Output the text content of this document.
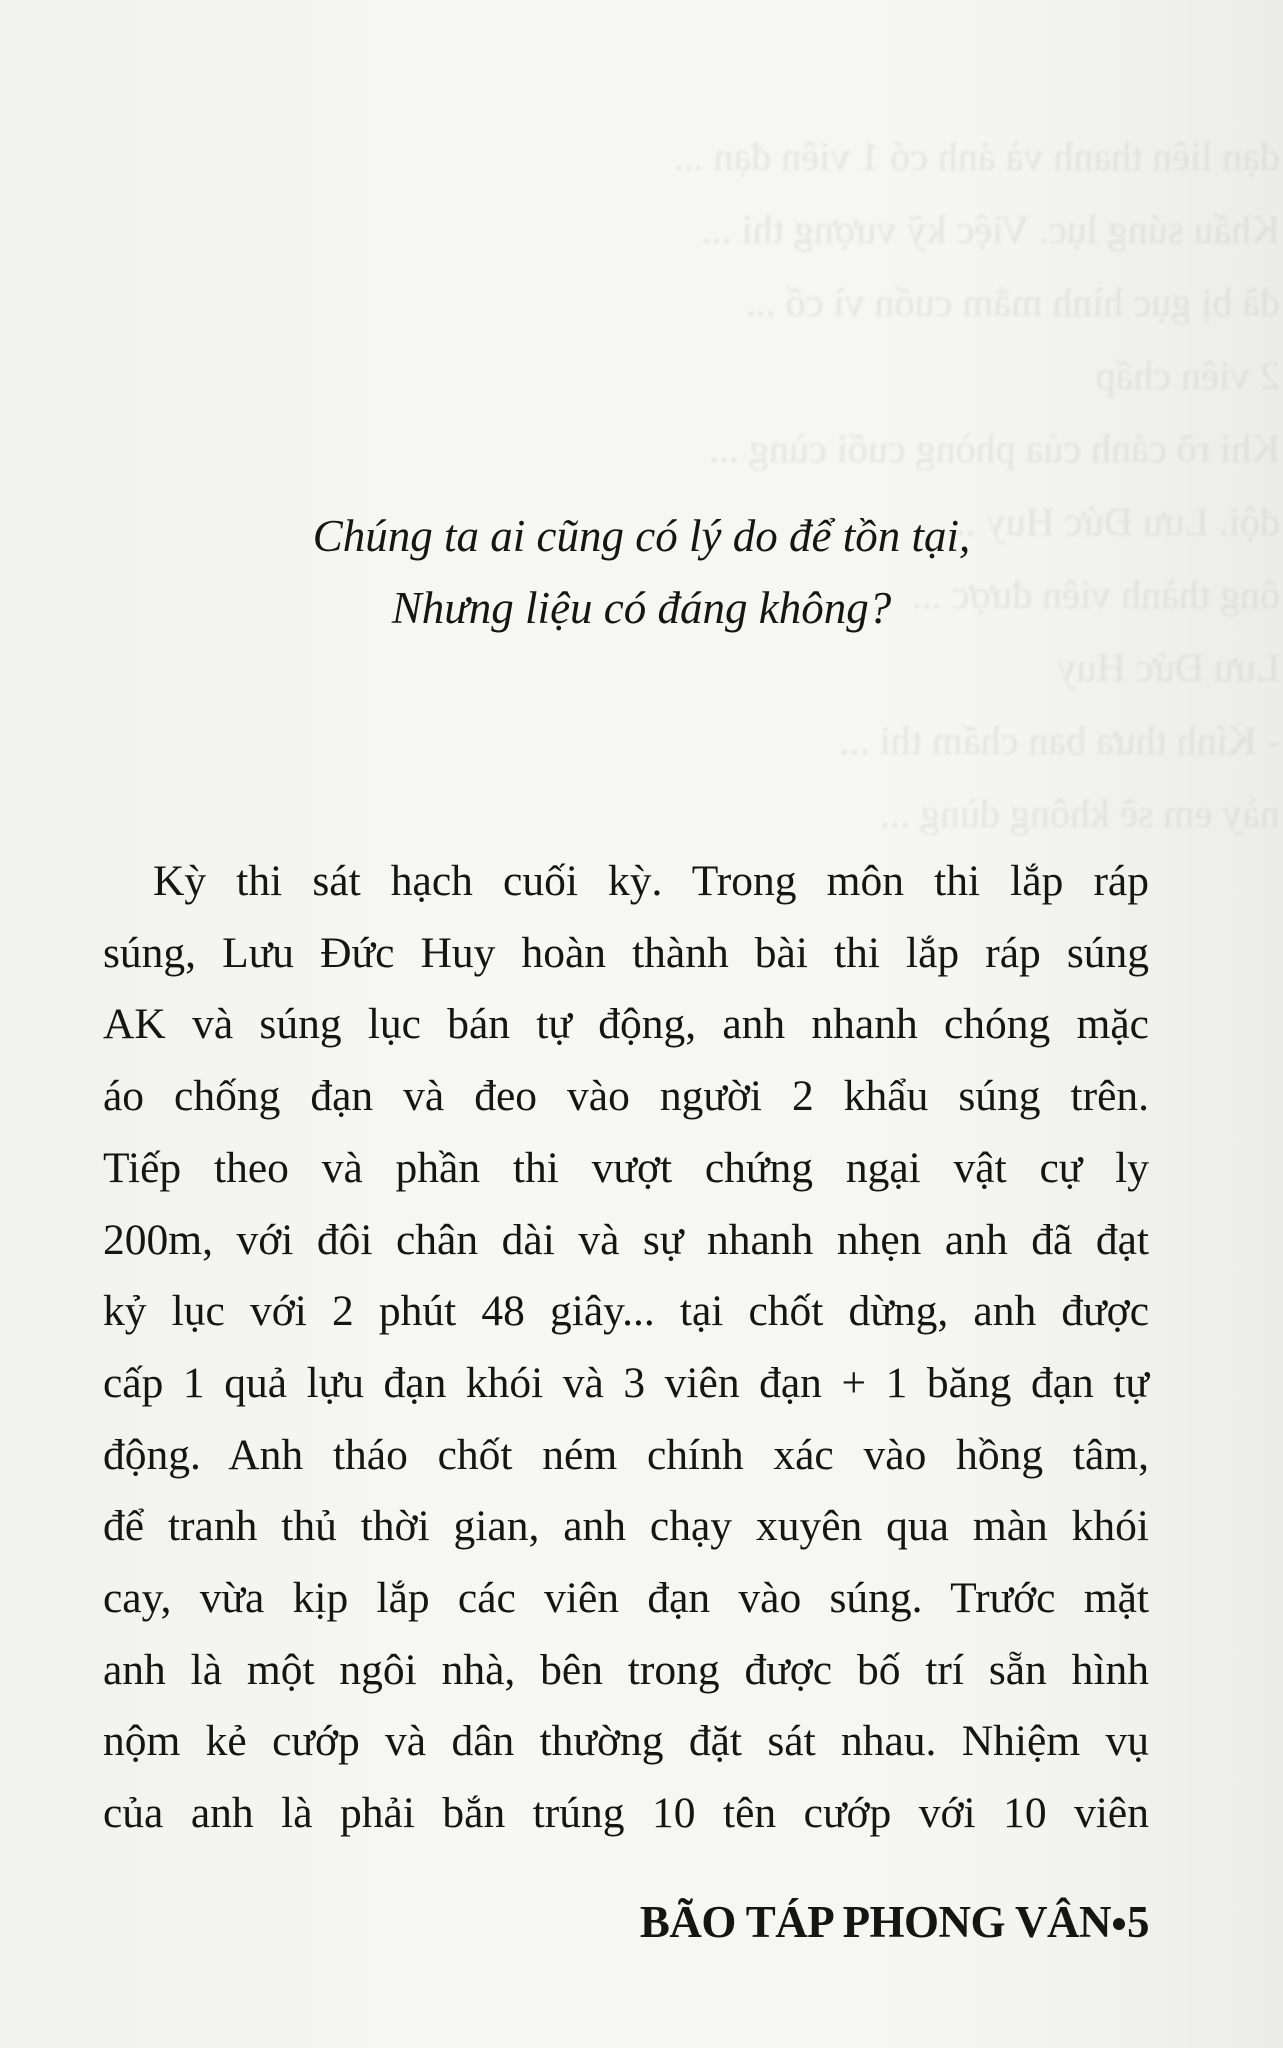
đạn liên thanh và ảnh có 1 viên đạn ...
Khẩu súng lục. Việc kỹ vượng thi ...
đã bị gục hình mắm cuốn vì cố ...
2 viên chấp
Khi rõ cảnh của phòng cuối cùng ...
đội. Lưu Đức Huy ...
ông thành viên được ...
Lưu Đức Huy
- Kính thưa ban chấm thi ...
này em sẽ không dùng ...
Chúng ta ai cũng có lý do để tồn tại,
Nhưng liệu có đáng không?
Kỳ thi sát hạch cuối kỳ. Trong môn thi lắp ráp
súng, Lưu Đức Huy hoàn thành bài thi lắp ráp súng
AK và súng lục bán tự động, anh nhanh chóng mặc
áo chống đạn và đeo vào người 2 khẩu súng trên.
Tiếp theo và phần thi vượt chứng ngại vật cự ly
200m, với đôi chân dài và sự nhanh nhẹn anh đã đạt
kỷ lục với 2 phút 48 giây... tại chốt dừng, anh được
cấp 1 quả lựu đạn khói và 3 viên đạn + 1 băng đạn tự
động. Anh tháo chốt ném chính xác vào hồng tâm,
để tranh thủ thời gian, anh chạy xuyên qua màn khói
cay, vừa kịp lắp các viên đạn vào súng. Trước mặt
anh là một ngôi nhà, bên trong được bố trí sẵn hình
nộm kẻ cướp và dân thường đặt sát nhau. Nhiệm vụ
của anh là phải bắn trúng 10 tên cướp với 10 viên
BÃO TÁP PHONG VÂN 5
